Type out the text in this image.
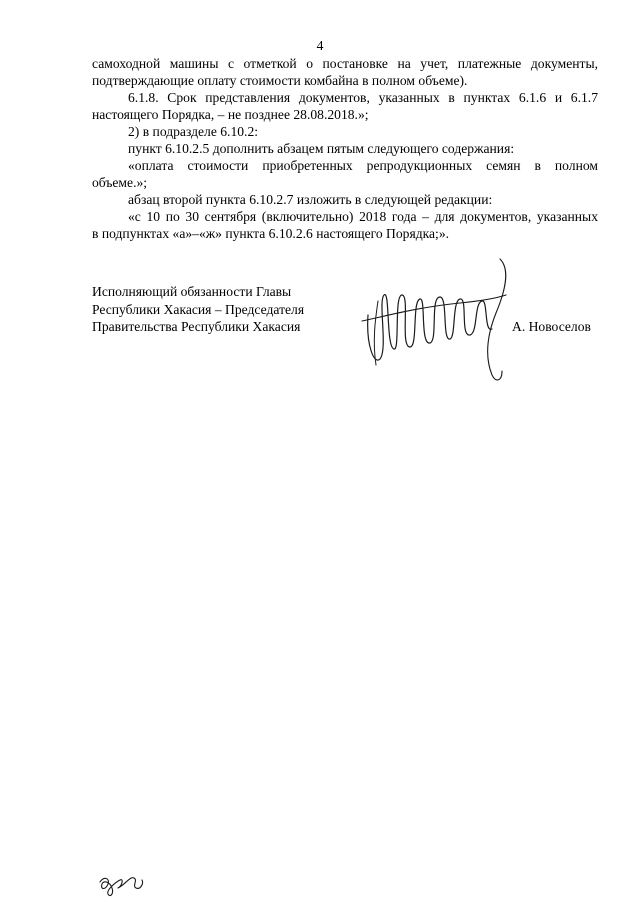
4
самоходной машины с отметкой о постановке на учет, платежные документы,
подтверждающие оплату стоимости комбайна в полном объеме).
6.1.8. Срок представления документов, указанных в пунктах 6.1.6 и 6.1.7
настоящего Порядка, – не позднее 28.08.2018.»;
2) в подразделе 6.10.2:
пункт 6.10.2.5 дополнить абзацем пятым следующего содержания:
«оплата стоимости приобретенных репродукционных семян в полном
объеме.»;
абзац второй пункта 6.10.2.7 изложить в следующей редакции:
«с 10 по 30 сентября (включительно) 2018 года – для документов, указанных
в подпунктах «а»–«ж» пункта 6.10.2.6 настоящего Порядка;».
Исполняющий обязанности Главы
Республики Хакасия – Председателя
Правительства Республики Хакасия	А. Новоселов
